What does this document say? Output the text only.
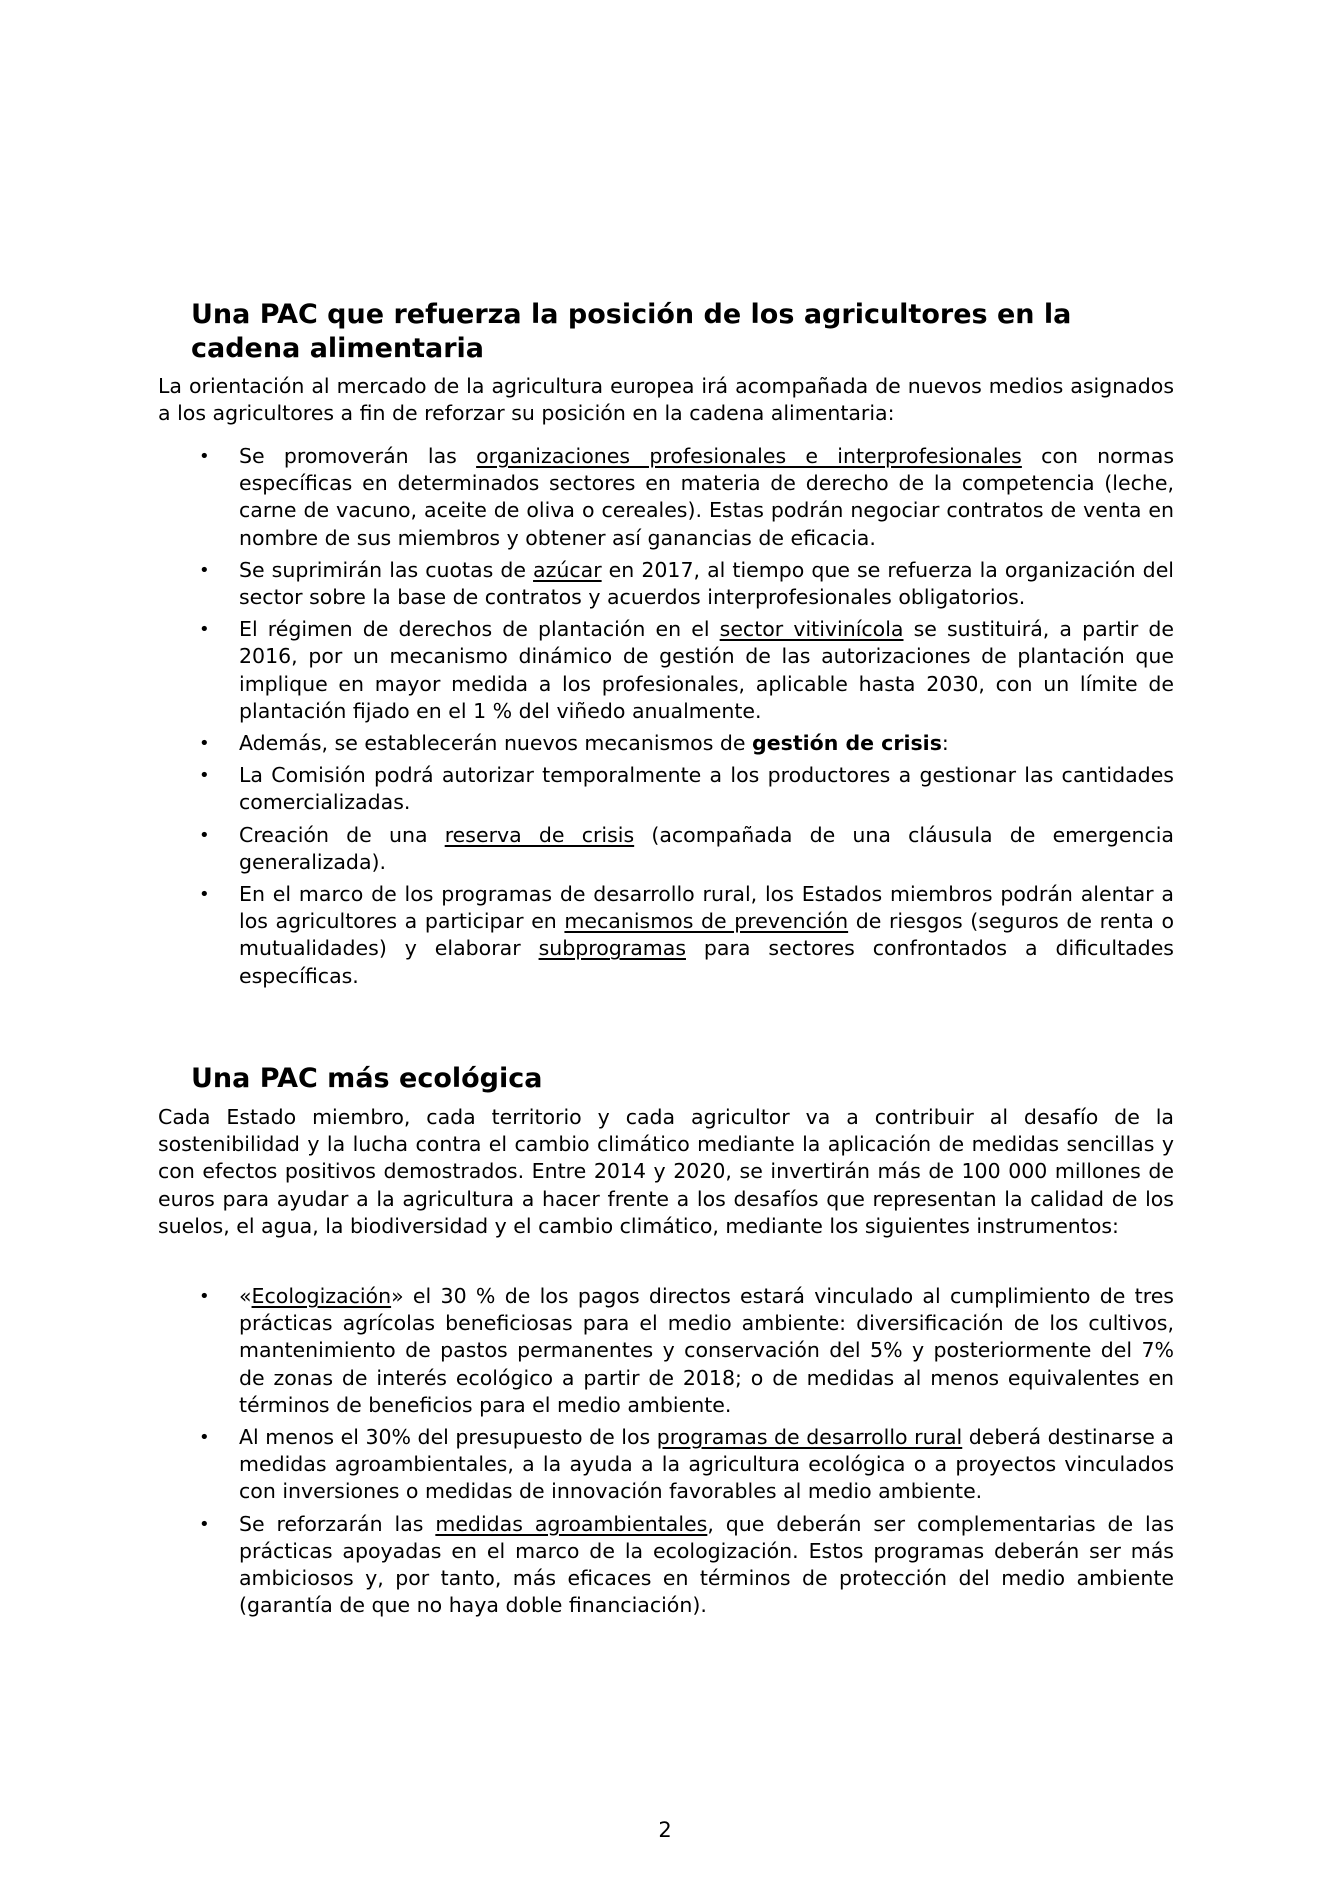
Una PAC que refuerza la posición de los agricultores en la cadena alimentaria

La orientación al mercado de la agricultura europea irá acompañada de nuevos medios asignados a los agricultores a fin de reforzar su posición en la cadena alimentaria:

• Se promoverán las organizaciones profesionales e interprofesionales con normas específicas en determinados sectores en materia de derecho de la competencia (leche, carne de vacuno, aceite de oliva o cereales). Estas podrán negociar contratos de venta en nombre de sus miembros y obtener así ganancias de eficacia.
• Se suprimirán las cuotas de azúcar en 2017, al tiempo que se refuerza la organización del sector sobre la base de contratos y acuerdos interprofesionales obligatorios.
• El régimen de derechos de plantación en el sector vitivinícola se sustituirá, a partir de 2016, por un mecanismo dinámico de gestión de las autorizaciones de plantación que implique en mayor medida a los profesionales, aplicable hasta 2030, con un límite de plantación fijado en el 1 % del viñedo anualmente.
• Además, se establecerán nuevos mecanismos de gestión de crisis:
• La Comisión podrá autorizar temporalmente a los productores a gestionar las cantidades comercializadas.
• Creación de una reserva de crisis (acompañada de una cláusula de emergencia generalizada).
• En el marco de los programas de desarrollo rural, los Estados miembros podrán alentar a los agricultores a participar en mecanismos de prevención de riesgos (seguros de renta o mutualidades) y elaborar subprogramas para sectores confrontados a dificultades específicas.
Una PAC más ecológica

Cada Estado miembro, cada territorio y cada agricultor va a contribuir al desafío de la sostenibilidad y la lucha contra el cambio climático mediante la aplicación de medidas sencillas y con efectos positivos demostrados. Entre 2014 y 2020, se invertirán más de 100 000 millones de euros para ayudar a la agricultura a hacer frente a los desafíos que representan la calidad de los suelos, el agua, la biodiversidad y el cambio climático, mediante los siguientes instrumentos:

• «Ecologización» el 30 % de los pagos directos estará vinculado al cumplimiento de tres prácticas agrícolas beneficiosas para el medio ambiente: diversificación de los cultivos, mantenimiento de pastos permanentes y conservación del 5% y posteriormente del 7% de zonas de interés ecológico a partir de 2018; o de medidas al menos equivalentes en términos de beneficios para el medio ambiente.
• Al menos el 30% del presupuesto de los programas de desarrollo rural deberá destinarse a medidas agroambientales, a la ayuda a la agricultura ecológica o a proyectos vinculados con inversiones o medidas de innovación favorables al medio ambiente.
• Se reforzarán las medidas agroambientales, que deberán ser complementarias de las prácticas apoyadas en el marco de la ecologización. Estos programas deberán ser más ambiciosos y, por tanto, más eficaces en términos de protección del medio ambiente (garantía de que no haya doble financiación).
2
